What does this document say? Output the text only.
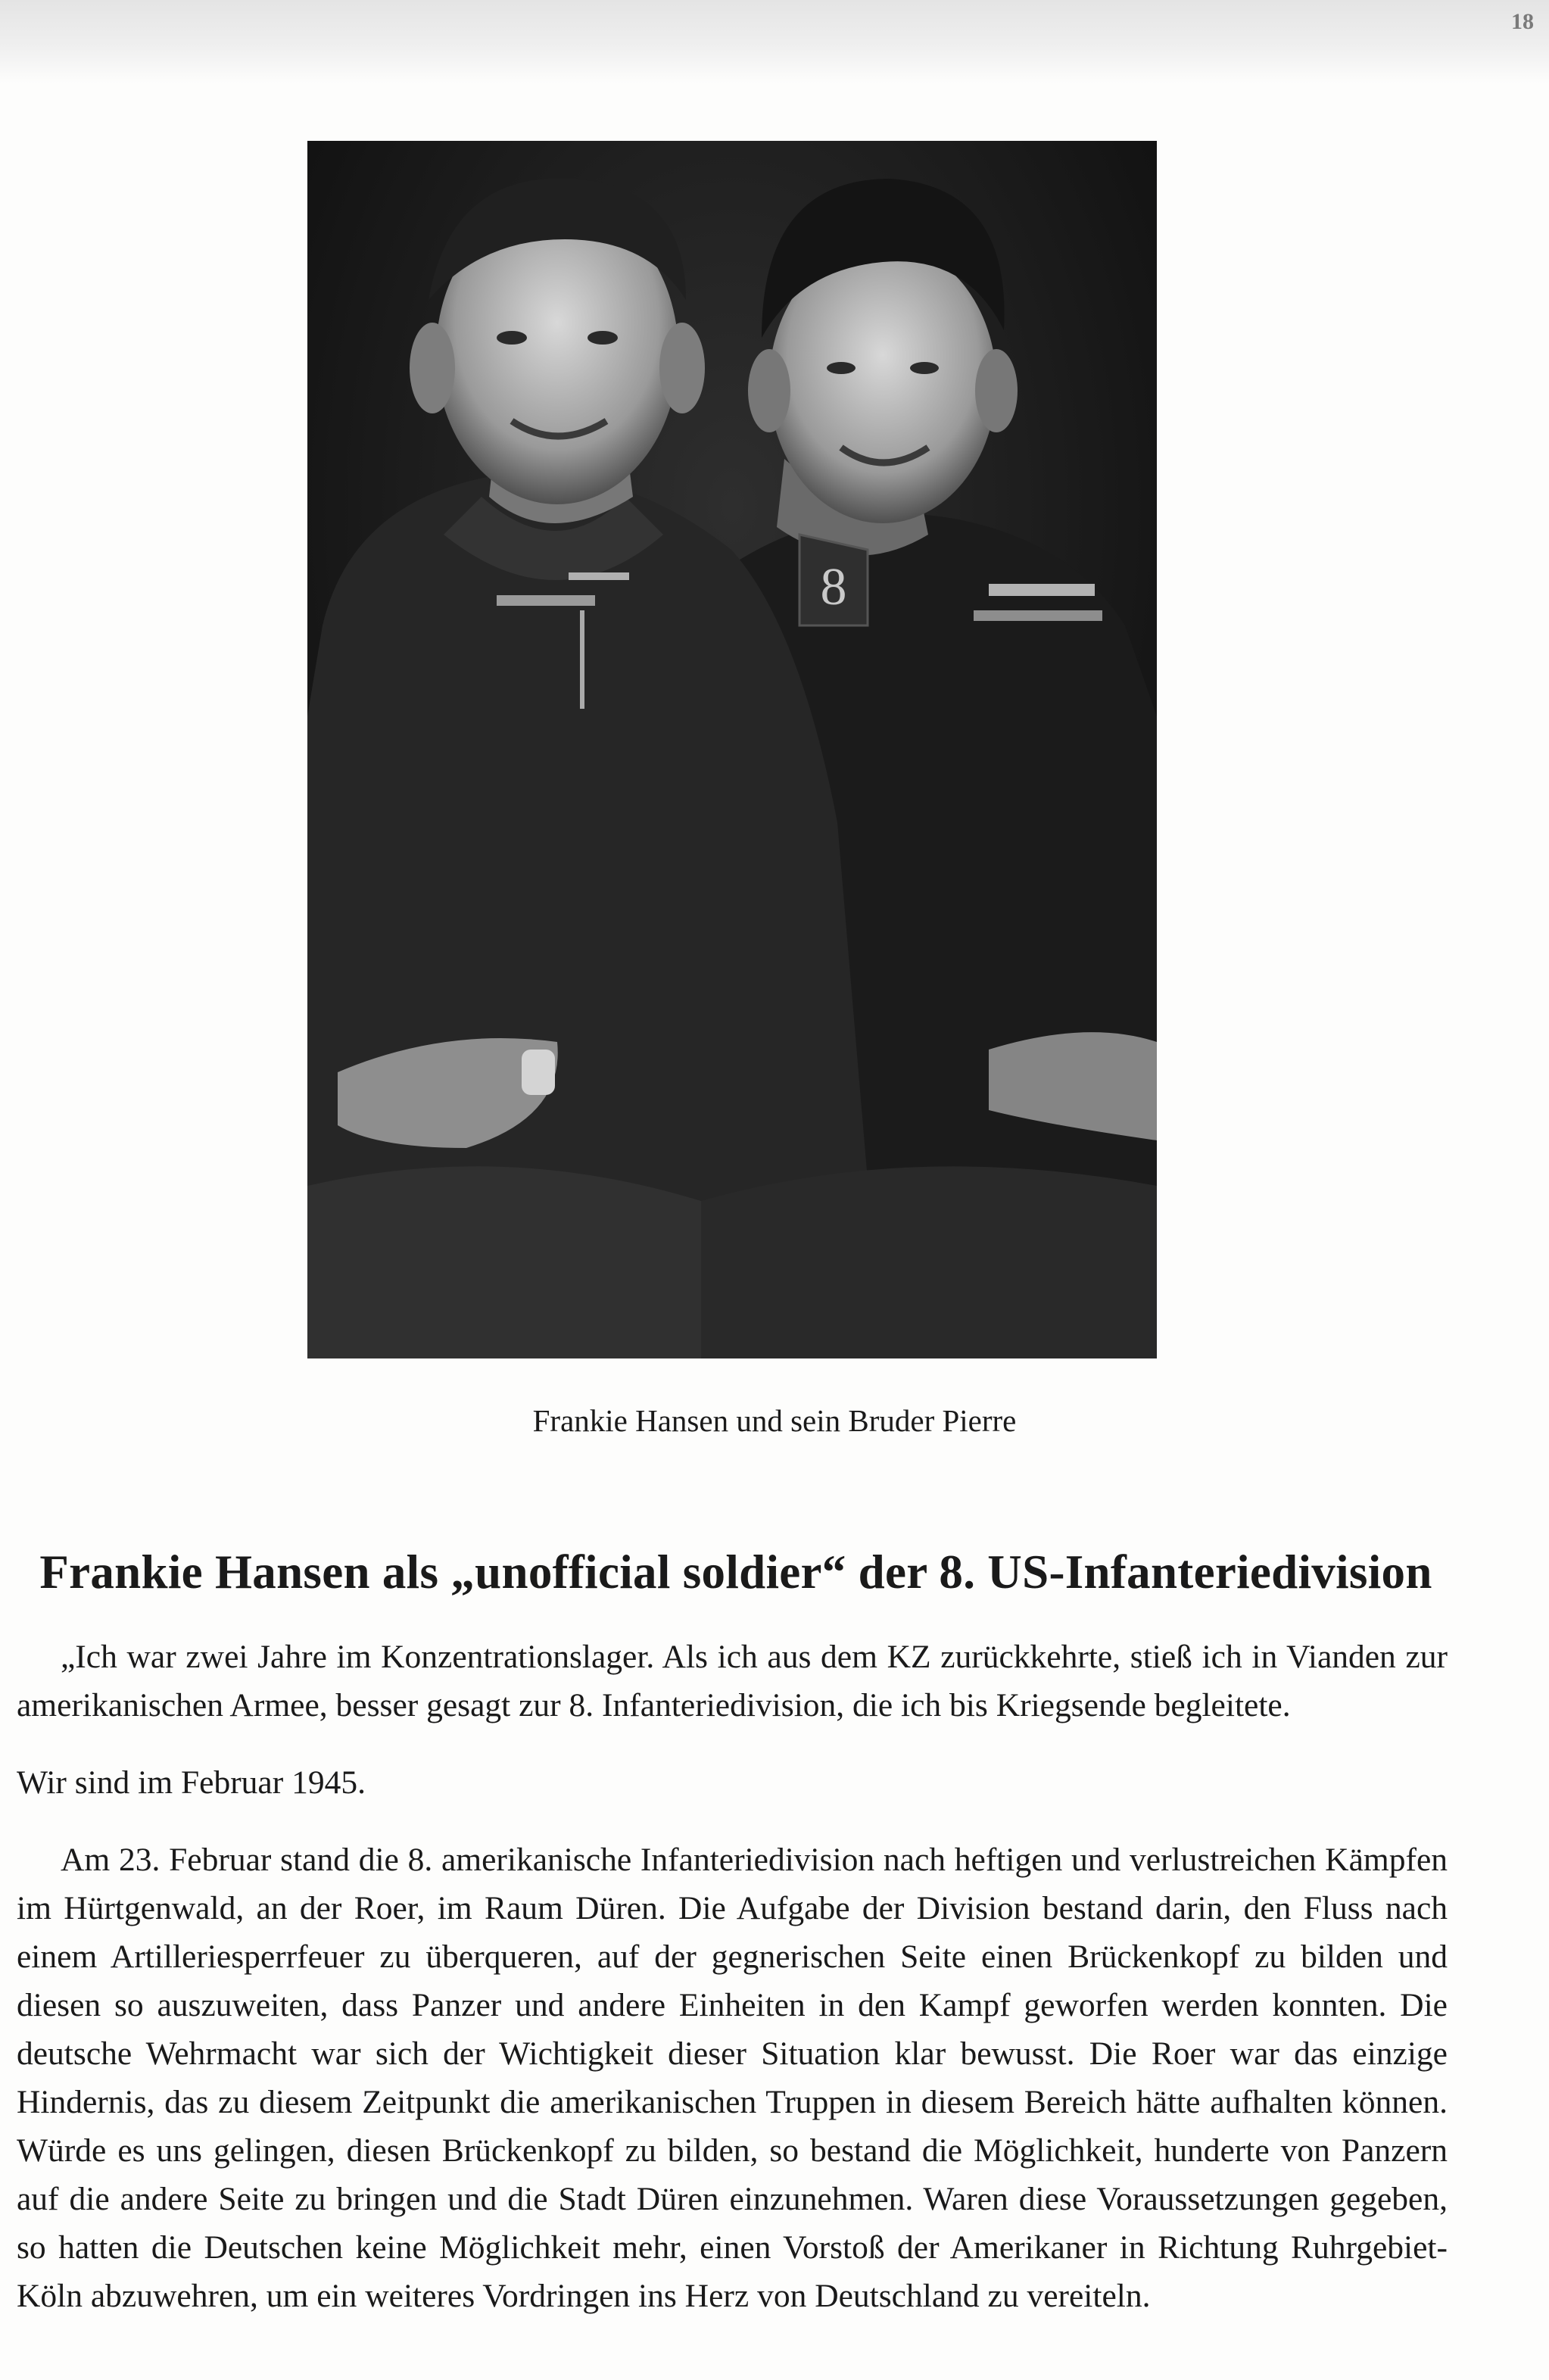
18
8
Frankie Hansen und sein Bruder Pierre
Frankie Hansen als „unofficial soldier“ der 8. US-Infanteriedivision

„Ich war zwei Jahre im Konzentrationslager. Als ich aus dem KZ zurückkehrte, stieß ich in Vianden zur amerikanischen Armee, besser gesagt zur 8. Infanteriedivision, die ich bis Kriegsende begleitete.

Wir sind im Februar 1945.

Am 23. Februar stand die 8. amerikanische Infanteriedivision nach heftigen und verlustreichen Kämpfen im Hürtgenwald, an der Roer, im Raum Düren. Die Aufgabe der Division bestand darin, den Fluss nach einem Artilleriesperrfeuer zu überqueren, auf der gegnerischen Seite einen Brückenkopf zu bilden und diesen so auszuweiten, dass Panzer und andere Einheiten in den Kampf geworfen werden konnten. Die deutsche Wehrmacht war sich der Wichtigkeit dieser Situation klar bewusst. Die Roer war das einzige Hindernis, das zu diesem Zeitpunkt die amerikanischen Truppen in diesem Bereich hätte aufhalten können. Würde es uns gelingen, diesen Brückenkopf zu bilden, so bestand die Möglichkeit, hunderte von Panzern auf die andere Seite zu bringen und die Stadt Düren einzunehmen. Waren diese Voraussetzungen gegeben, so hatten die Deutschen keine Möglichkeit mehr, einen Vorstoß der Amerikaner in Richtung Ruhrgebiet-Köln abzuwehren, um ein weiteres Vordringen ins Herz von Deutschland zu vereiteln.
